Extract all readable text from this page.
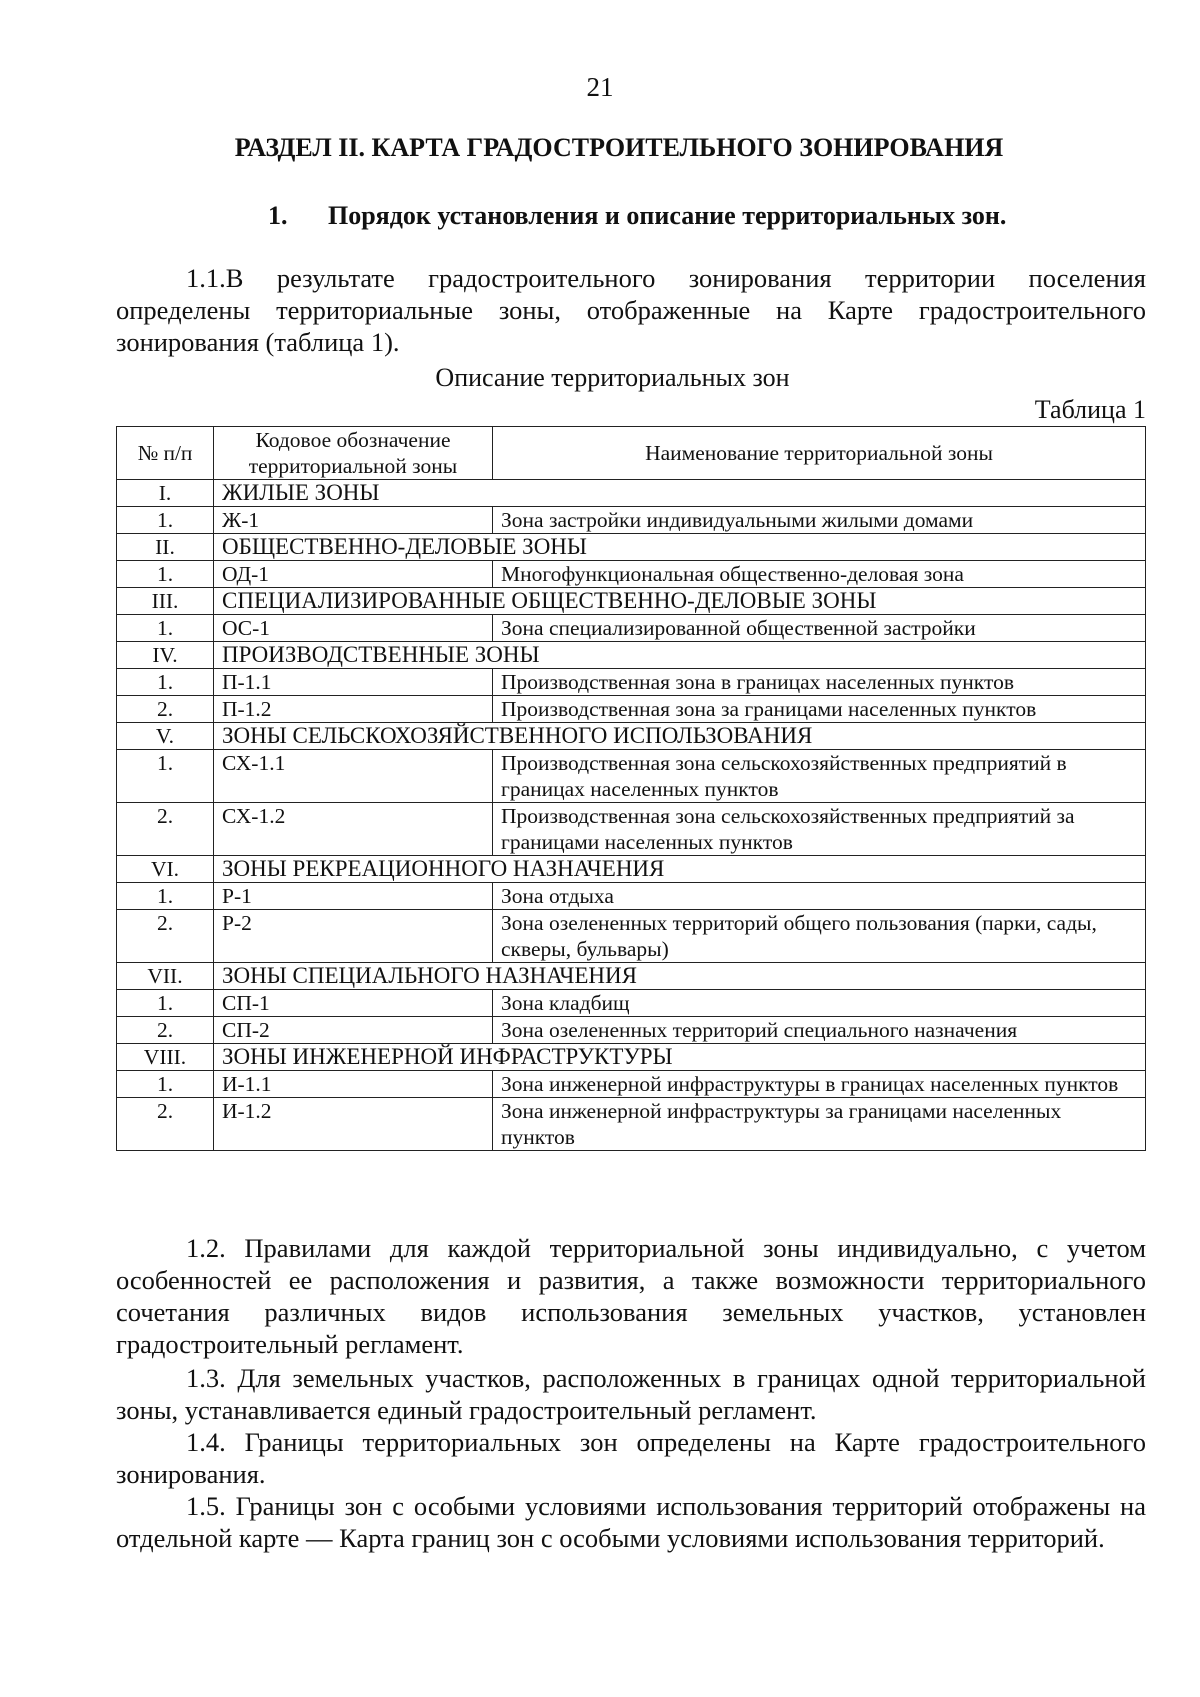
21
РАЗДЕЛ II. КАРТА ГРАДОСТРОИТЕЛЬНОГО ЗОНИРОВАНИЯ
1. Порядок установления и описание территориальных зон.
1.1.В результате градостроительного зонирования территории поселения определены территориальные зоны, отображенные на Карте градостроительного зонирования (таблица 1).
Описание территориальных зон
Таблица 1
№ п/п	Кодовое обозначение территориальной зоны	Наименование территориальной зоны
I.	ЖИЛЫЕ ЗОНЫ	
1.	Ж-1	Зона застройки индивидуальными жилыми домами
II.	ОБЩЕСТВЕННО-ДЕЛОВЫЕ ЗОНЫ	
1.	ОД-1	Многофункциональная общественно-деловая зона
III.	СПЕЦИАЛИЗИРОВАННЫЕ ОБЩЕСТВЕННО-ДЕЛОВЫЕ ЗОНЫ	
1.	ОС-1	Зона специализированной общественной застройки
IV.	ПРОИЗВОДСТВЕННЫЕ ЗОНЫ	
1.	П-1.1	Производственная зона в границах населенных пунктов
2.	П-1.2	Производственная зона за границами населенных пунктов
V.	ЗОНЫ СЕЛЬСКОХОЗЯЙСТВЕННОГО ИСПОЛЬЗОВАНИЯ	
1.	СХ-1.1	Производственная зона сельскохозяйственных предприятий в границах населенных пунктов
2.	СХ-1.2	Производственная зона сельскохозяйственных предприятий за границами населенных пунктов
VI.	ЗОНЫ РЕКРЕАЦИОННОГО НАЗНАЧЕНИЯ	
1.	Р-1	Зона отдыха
2.	Р-2	Зона озелененных территорий общего пользования (парки, сады, скверы, бульвары)
VII.	ЗОНЫ СПЕЦИАЛЬНОГО НАЗНАЧЕНИЯ	
1.	СП-1	Зона кладбищ
2.	СП-2	Зона озелененных территорий специального назначения
VIII.	ЗОНЫ ИНЖЕНЕРНОЙ ИНФРАСТРУКТУРЫ	
1.	И-1.1	Зона инженерной инфраструктуры в границах населенных пунктов
2.	И-1.2	Зона инженерной инфраструктуры за границами населенных пунктов
1.2. Правилами для каждой территориальной зоны индивидуально, с учетом особенностей ее расположения и развития, а также возможности территориального сочетания различных видов использования земельных участков, установлен градостроительный регламент.
1.3. Для земельных участков, расположенных в границах одной территориальной зоны, устанавливается единый градостроительный регламент.
1.4. Границы территориальных зон определены на Карте градостроительного зонирования.
1.5. Границы зон с особыми условиями использования территорий отображены на отдельной карте — Карта границ зон с особыми условиями использования территорий.
